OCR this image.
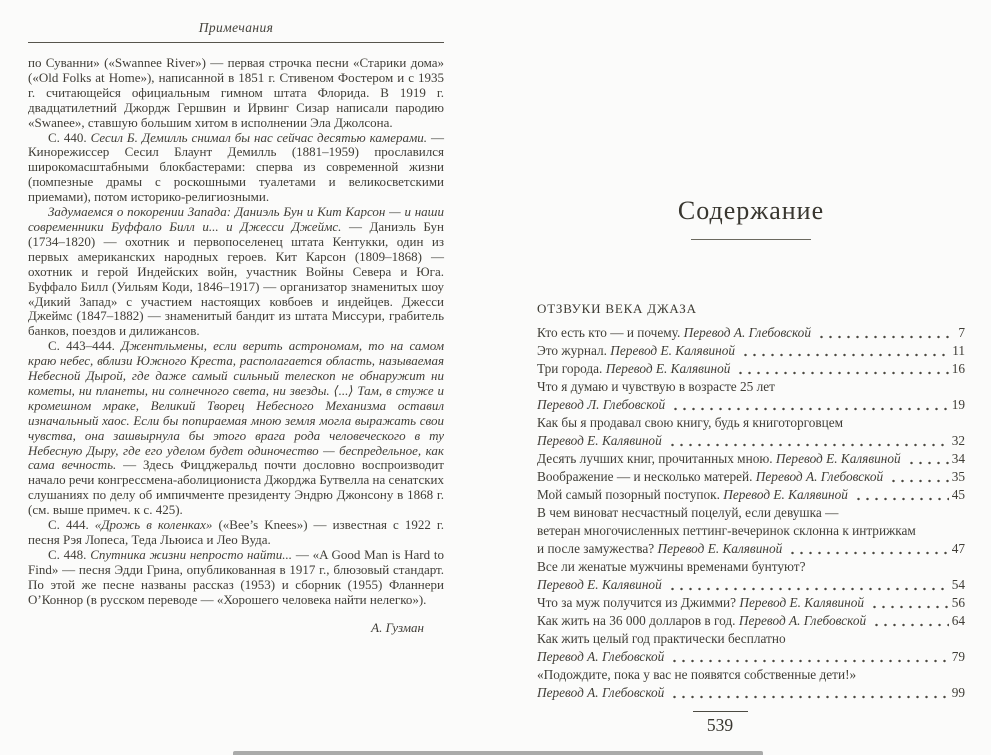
Примечания

по Суванни» («Swannee River») — первая строчка песни «Старики дома» («Old Folks at Home»), написанной в 1851 г. Стивеном Фостером и с 1935 г. считающейся официальным гимном штата Флорида. В 1919 г. двадцатилетний Джордж Гершвин и Ирвинг Сизар написали пародию «Swanee», ставшую большим хитом в исполнении Эла Джолсона.

С. 440. Сесил Б. Демилль снимал бы нас сейчас десятью камерами. — Кинорежиссер Сесил Блаунт Демилль (1881–1959) прославился широкомасштабными блокбастерами: сперва из современной жизни (помпезные драмы с роскошными туалетами и великосветскими приемами), потом историко-религиозными.

Задумаемся о покорении Запада: Даниэль Бун и Кит Карсон — и наши современники Буффало Билл и... и Джесси Джеймс. — Даниэль Бун (1734–1820) — охотник и первопоселенец штата Кентукки, один из первых американских народных героев. Кит Карсон (1809–1868) — охотник и герой Индейских войн, участник Войны Севера и Юга. Буффало Билл (Уильям Коди, 1846–1917) — организатор знаменитых шоу «Дикий Запад» с участием настоящих ковбоев и индейцев. Джесси Джеймс (1847–1882) — знаменитый бандит из штата Миссури, грабитель банков, поездов и дилижансов.

С. 443–444. Джентльмены, если верить астрономам, то на самом краю небес, вблизи Южного Креста, располагается область, называемая Небесной Дырой, где даже самый сильный телескоп не обнаружит ни кометы, ни планеты, ни солнечного света, ни звезды. ⟨...⟩ Там, в стуже и кромешном мраке, Великий Творец Небесного Механизма оставил изначальный хаос. Если бы попираемая мною земля могла выражать свои чувства, она зашвырнула бы этого врага рода человеческого в ту Небесную Дыру, где его уделом будет одиночество — беспредельное, как сама вечность. — Здесь Фицджеральд почти дословно воспроизводит начало речи конгрессмена-аболициониста Джорджа Бутвелла на сенатских слушаниях по делу об импичменте президенту Эндрю Джонсону в 1868 г. (см. выше примеч. к с. 425).

С. 444. «Дрожь в коленках» («Bee’s Knees») — известная с 1922 г. песня Рэя Лопеса, Теда Льюиса и Лео Вуда.

С. 448. Спутника жизни непросто найти... — «A Good Man is Hard to Find» — песня Эдди Грина, опубликованная в 1917 г., блюзовый стандарт. По этой же песне названы рассказ (1953) и сборник (1955) Фланнери О’Коннор (в русском переводе — «Хорошего человека найти нелегко»).

А. Гузман
Содержание
ОТЗВУКИ ВЕКА ДЖАЗА
Кто есть кто — и почему. Перевод А. Глебовской	7
Это журнал. Перевод Е. Калявиной	11
Три города. Перевод Е. Калявиной	16
Что я думаю и чувствую в возрасте 25 лет
Перевод Л. Глебовской	19
Как бы я продавал свою книгу, будь я книготорговцем
Перевод Е. Калявиной	32
Десять лучших книг, прочитанных мною. Перевод Е. Калявиной	34
Воображение — и несколько матерей. Перевод А. Глебовской	35
Мой самый позорный поступок. Перевод Е. Калявиной	45
В чем виноват несчастный поцелуй, если девушка —
ветеран многочисленных петтинг-вечеринок склонна к интрижкам
и после замужества? Перевод Е. Калявиной	47
Все ли женатые мужчины временами бунтуют?
Перевод Е. Калявиной	54
Что за муж получится из Джимми? Перевод Е. Калявиной	56
Как жить на 36 000 долларов в год. Перевод А. Глебовской	64
Как жить целый год практически бесплатно
Перевод А. Глебовской	79
«Подождите, пока у вас не появятся собственные дети!»
Перевод А. Глебовской	99
539
